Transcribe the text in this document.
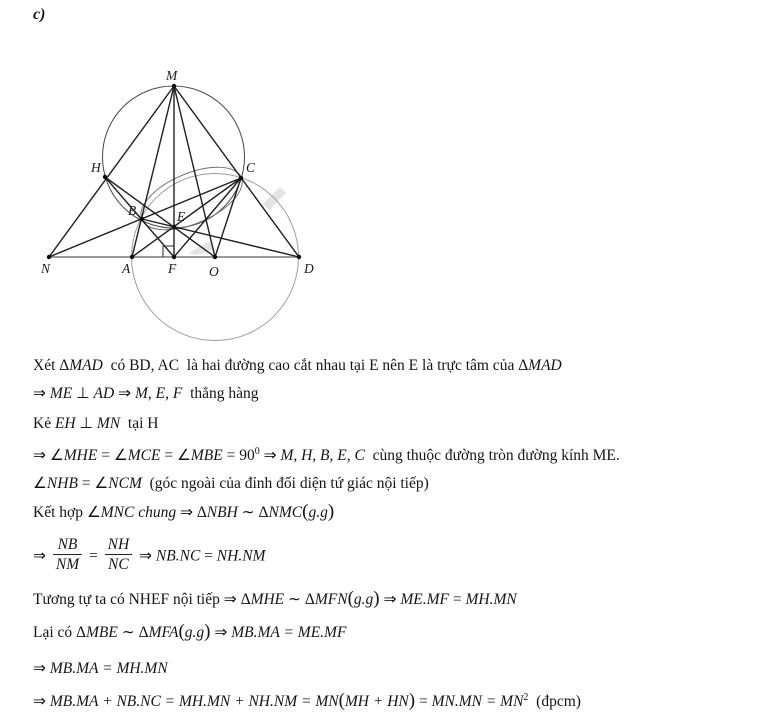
c)
M
H	C
B	E
N	A	F O	D
Xét ΔMAD  có BD, AC  là hai đường cao cắt nhau tại E nên E là trực tâm của ΔMAD
⇒ ME ⊥ AD ⇒ M, E, F  thẳng hàng
Kẻ EH ⊥ MN  tại H
⇒ ∠MHE = ∠MCE = ∠MBE = $90^0$ ⇒ M, H, B, E, C  cùng thuộc đường tròn đường kính ME.
∠NHB = ∠NCM  (góc ngoài của đỉnh đối diện tứ giác nội tiếp)
Kết hợp ∠MNC chung ⇒ ΔNBH ∼ ΔNMC(g.g)
⇒ $\frac{NB}{NM} = \frac{NH}{NC}$ ⇒ NB.NC = NH.NM
Tương tự ta có NHEF nội tiếp ⇒ ΔMHE ∼ ΔMFN(g.g) ⇒ ME.MF = MH.MN
Lại có ΔMBE ∼ ΔMFA(g.g) ⇒ MB.MA = ME.MF
⇒ MB.MA = MH.MN
⇒ $MB.MA + NB.NC = MH.MN + NH.NM = MN(MH + HN) = MN.MN = MN^2$  (đpcm)
